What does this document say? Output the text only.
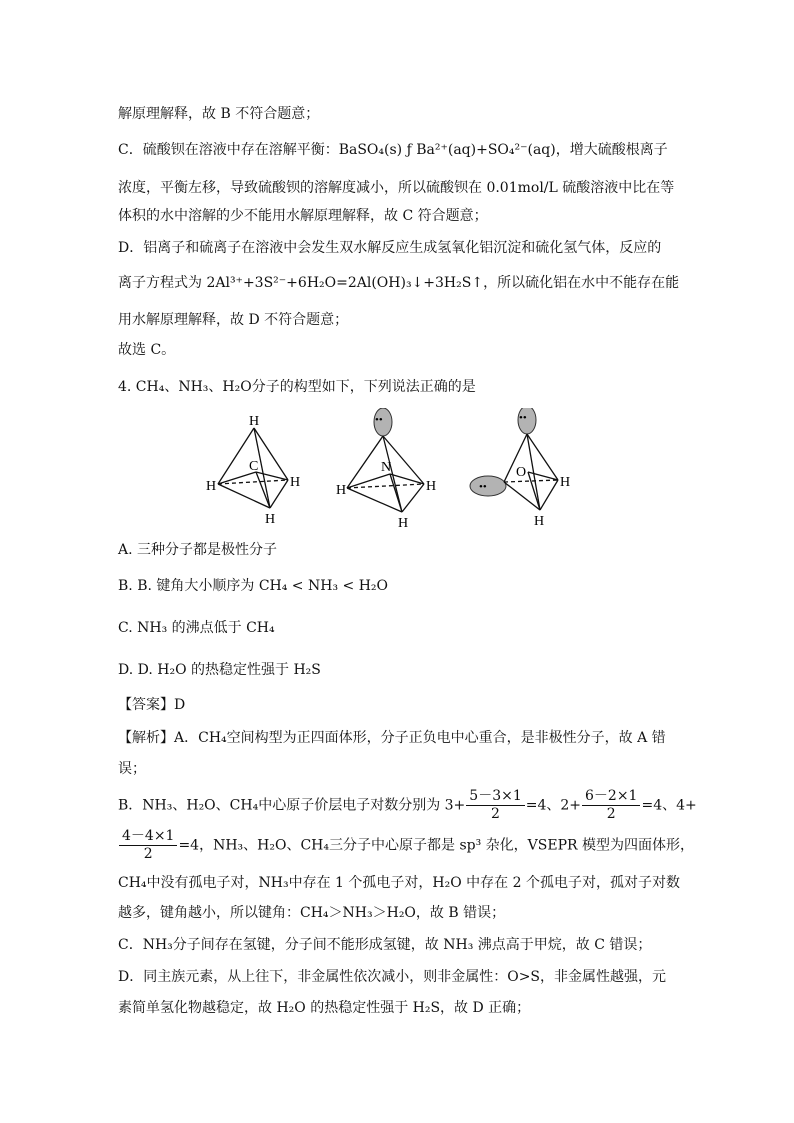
解原理解释，故 B 不符合题意；
C．硫酸钡在溶液中存在溶解平衡：BaSO₄(s) ƒ Ba²⁺(aq)+SO₄²⁻(aq)，增大硫酸根离子
浓度，平衡左移，导致硫酸钡的溶解度减小，所以硫酸钡在 0.01mol/L 硫酸溶液中比在等
体积的水中溶解的少不能用水解原理解释，故 C 符合题意；
D．铝离子和硫离子在溶液中会发生双水解反应生成氢氧化铝沉淀和硫化氢气体，反应的
离子方程式为 2Al³⁺+3S²⁻+6H₂O=2Al(OH)₃↓+3H₂S↑，所以硫化铝在水中不能存在能
用水解原理解释，故 D 不符合题意；
故选 C。
4. CH₄、NH₃、H₂O分子的构型如下，下列说法正确的是
H
C
H	H
H
••
N
H	H
H
••
••
O
H
H
A. 三种分子都是极性分子
B. B. 键角大小顺序为 CH₄ < NH₃ < H₂O
C. NH₃ 的沸点低于 CH₄
D. D. H₂O 的热稳定性强于 H₂S
【答案】D
【解析】A．CH₄空间构型为正四面体形，分子正负电中心重合，是非极性分子，故 A 错
误；
B．NH₃、H₂O、CH₄中心原子价层电子对数分别为 $3+ \frac{5-3\times 1}{2} =4$、$2+ \frac{6-2\times 1}{2} =4$、4+
$\frac{4-4\times 1}{2} =4$，NH₃、H₂O、CH₄三分子中心原子都是 sp³ 杂化，VSEPR 模型为四面体形，
CH₄中没有孤电子对，NH₃中存在 1 个孤电子对，H₂O 中存在 2 个孤电子对，孤对子对数
越多，键角越小，所以键角：CH₄＞NH₃＞H₂O，故 B 错误；
C．NH₃分子间存在氢键，分子间不能形成氢键，故 NH₃ 沸点高于甲烷，故 C 错误；
D．同主族元素，从上往下，非金属性依次减小，则非金属性：O>S，非金属性越强，元
素简单氢化物越稳定，故 H₂O 的热稳定性强于 H₂S，故 D 正确；
